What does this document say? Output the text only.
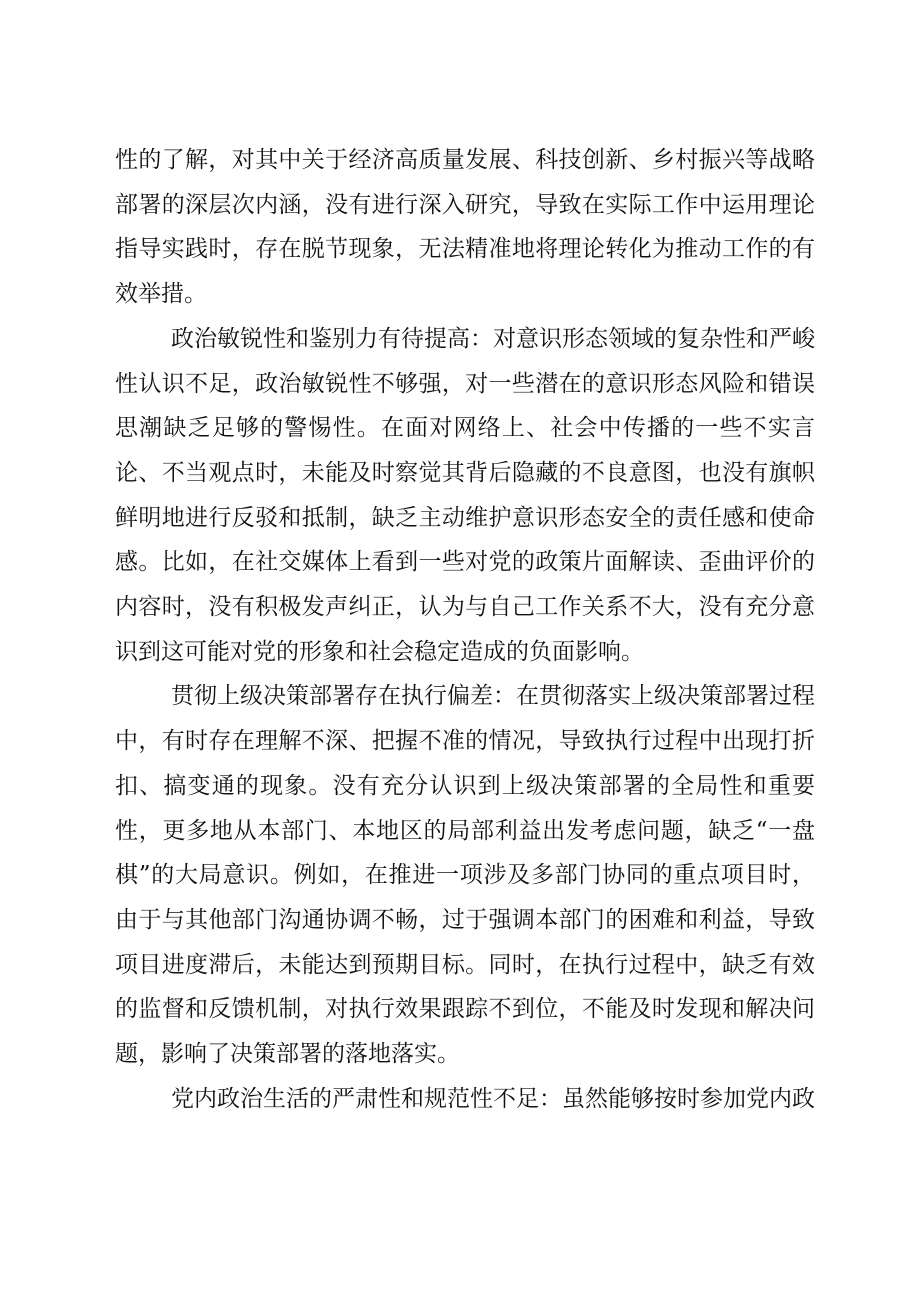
性的了解，对其中关于经济高质量发展、科技创新、乡村振兴等战略部署的深层次内涵，没有进行深入研究，导致在实际工作中运用理论指导实践时，存在脱节现象，无法精准地将理论转化为推动工作的有效举措。

政治敏锐性和鉴别力有待提高：对意识形态领域的复杂性和严峻性认识不足，政治敏锐性不够强，对一些潜在的意识形态风险和错误思潮缺乏足够的警惕性。在面对网络上、社会中传播的一些不实言论、不当观点时，未能及时察觉其背后隐藏的不良意图，也没有旗帜鲜明地进行反驳和抵制，缺乏主动维护意识形态安全的责任感和使命感。比如，在社交媒体上看到一些对党的政策片面解读、歪曲评价的内容时，没有积极发声纠正，认为与自己工作关系不大，没有充分意识到这可能对党的形象和社会稳定造成的负面影响。

贯彻上级决策部署存在执行偏差：在贯彻落实上级决策部署过程中，有时存在理解不深、把握不准的情况，导致执行过程中出现打折扣、搞变通的现象。没有充分认识到上级决策部署的全局性和重要性，更多地从本部门、本地区的局部利益出发考虑问题，缺乏“一盘棋”的大局意识。例如，在推进一项涉及多部门协同的重点项目时，由于与其他部门沟通协调不畅，过于强调本部门的困难和利益，导致项目进度滞后，未能达到预期目标。同时，在执行过程中，缺乏有效的监督和反馈机制，对执行效果跟踪不到位，不能及时发现和解决问题，影响了决策部署的落地落实。

党内政治生活的严肃性和规范性不足：虽然能够按时参加党内政
